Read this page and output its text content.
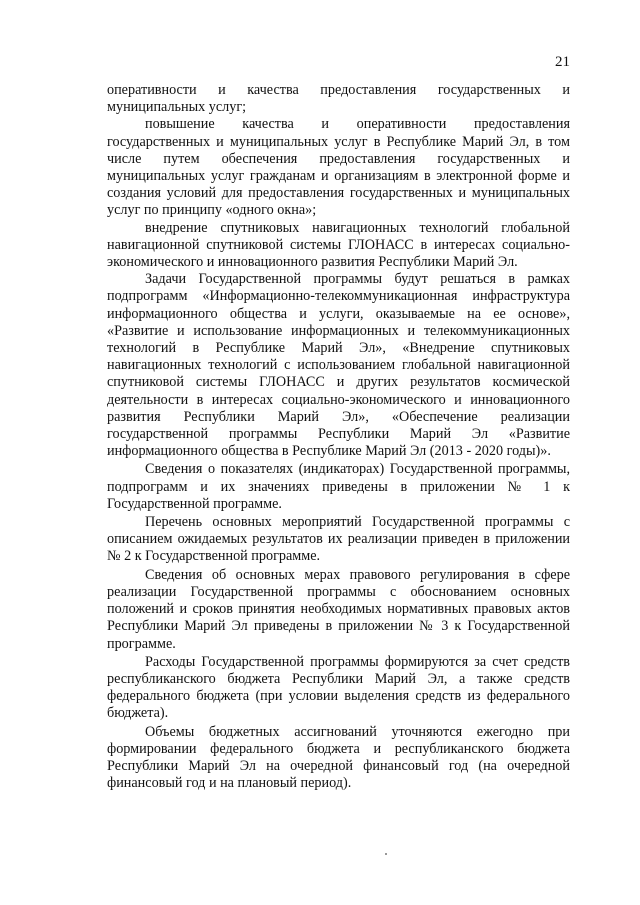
21

оперативности и качества предоставления государственных и муниципальных услуг;

повышение качества и оперативности предоставления государственных и муниципальных услуг в Республике Марий Эл, в том числе путем обеспечения предоставления государственных и муниципальных услуг гражданам и организациям в электронной форме и создания условий для предоставления государственных и муниципальных услуг по принципу «одного окна»;

внедрение спутниковых навигационных технологий глобальной навигационной спутниковой системы ГЛОНАСС в интересах социально-экономического и инновационного развития Республики Марий Эл.

Задачи Государственной программы будут решаться в рамках подпрограмм «Информационно-телекоммуникационная инфраструктура информационного общества и услуги, оказываемые на ее основе», «Развитие и использование информационных и телекоммуникационных технологий в Республике Марий Эл», «Внедрение спутниковых навигационных технологий с использованием глобальной навигационной спутниковой системы ГЛОНАСС и других результатов космической деятельности в интересах социально-экономического и инновационного развития Республики Марий Эл», «Обеспечение реализации государственной программы Республики Марий Эл «Развитие информационного общества в Республике Марий Эл (2013 - 2020 годы)».

Сведения о показателях (индикаторах) Государственной программы, подпрограмм и их значениях приведены в приложении № 1 к Государственной программе.

Перечень основных мероприятий Государственной программы с описанием ожидаемых результатов их реализации приведен в приложении № 2 к Государственной программе.

Сведения об основных мерах правового регулирования в сфере реализации Государственной программы с обоснованием основных положений и сроков принятия необходимых нормативных правовых актов Республики Марий Эл приведены в приложении № 3 к Государственной программе.

Расходы Государственной программы формируются за счет средств республиканского бюджета Республики Марий Эл, а также средств федерального бюджета (при условии выделения средств из федерального бюджета).

Объемы бюджетных ассигнований уточняются ежегодно при формировании федерального бюджета и республиканского бюджета Республики Марий Эл на очередной финансовый год (на очередной финансовый год и на плановый период).
